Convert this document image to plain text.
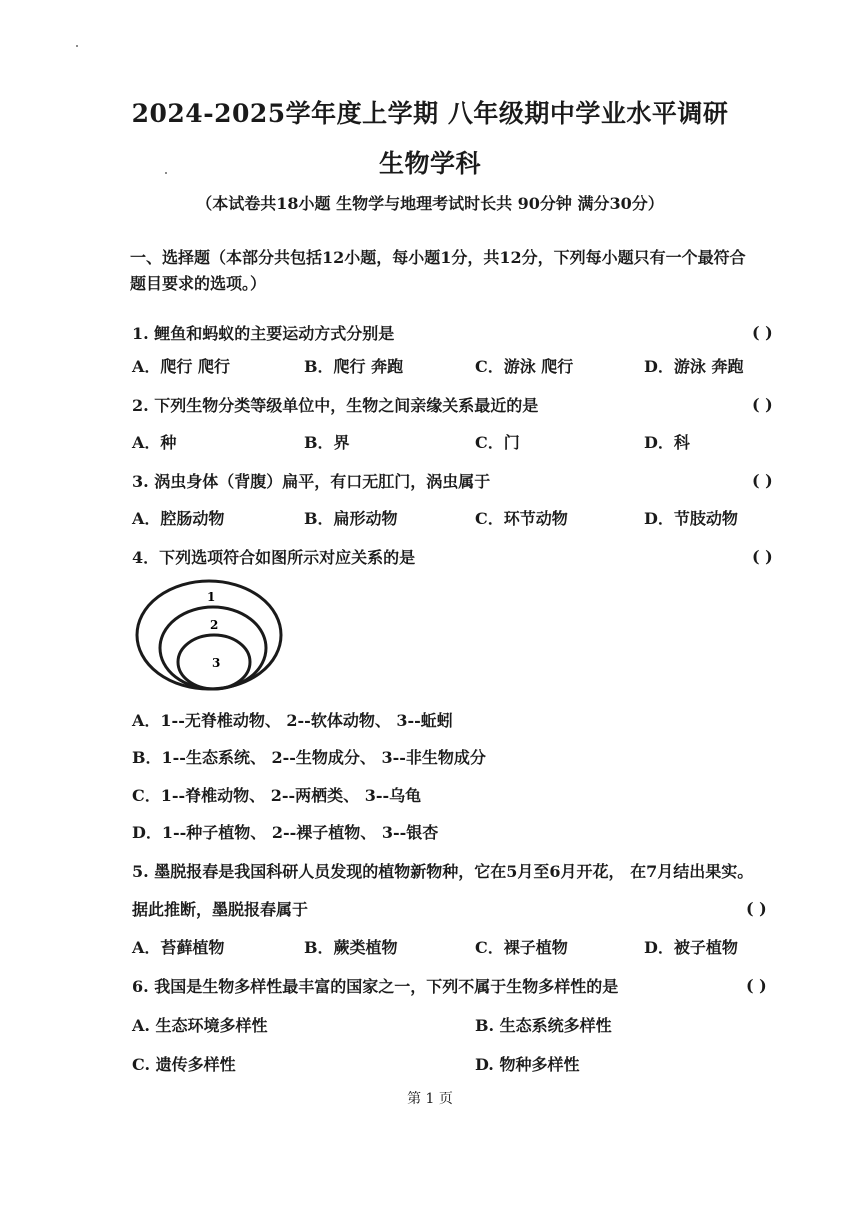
2024-2025学年度上学期 八年级期中学业水平调研
生物学科
（本试卷共18小题 生物学与地理考试时长共 90分钟 满分30分）
一、选择题（本部分共包括12小题，每小题1分，共12分，下列每小题只有一个最符合
题目要求的选项。）
1. 鲤鱼和蚂蚁的主要运动方式分别是	( )
A．爬行 爬行	B．爬行 奔跑	C．游泳 爬行	D．游泳 奔跑
2. 下列生物分类等级单位中，生物之间亲缘关系最近的是	( )
A．种	B．界	C．门	D．科
3. 涡虫身体（背腹）扁平，有口无肛门，涡虫属于	( )
A．腔肠动物	B．扁形动物	C．环节动物	D．节肢动物
4．下列选项符合如图所示对应关系的是	( )
1
2
3
A．1--无脊椎动物、 2--软体动物、 3--蚯蚓
B．1--生态系统、 2--生物成分、 3--非生物成分
C．1--脊椎动物、 2--两栖类、 3--乌龟
D．1--种子植物、 2--裸子植物、 3--银杏
5. 墨脱报春是我国科研人员发现的植物新物种，它在5月至6月开花， 在7月结出果实。
据此推断，墨脱报春属于	( )
A．苔藓植物	B．蕨类植物	C．裸子植物	D．被子植物
6. 我国是生物多样性最丰富的国家之一，下列不属于生物多样性的是	( )
A. 生态环境多样性	B. 生态系统多样性
C. 遗传多样性	D. 物种多样性
第 1 页
